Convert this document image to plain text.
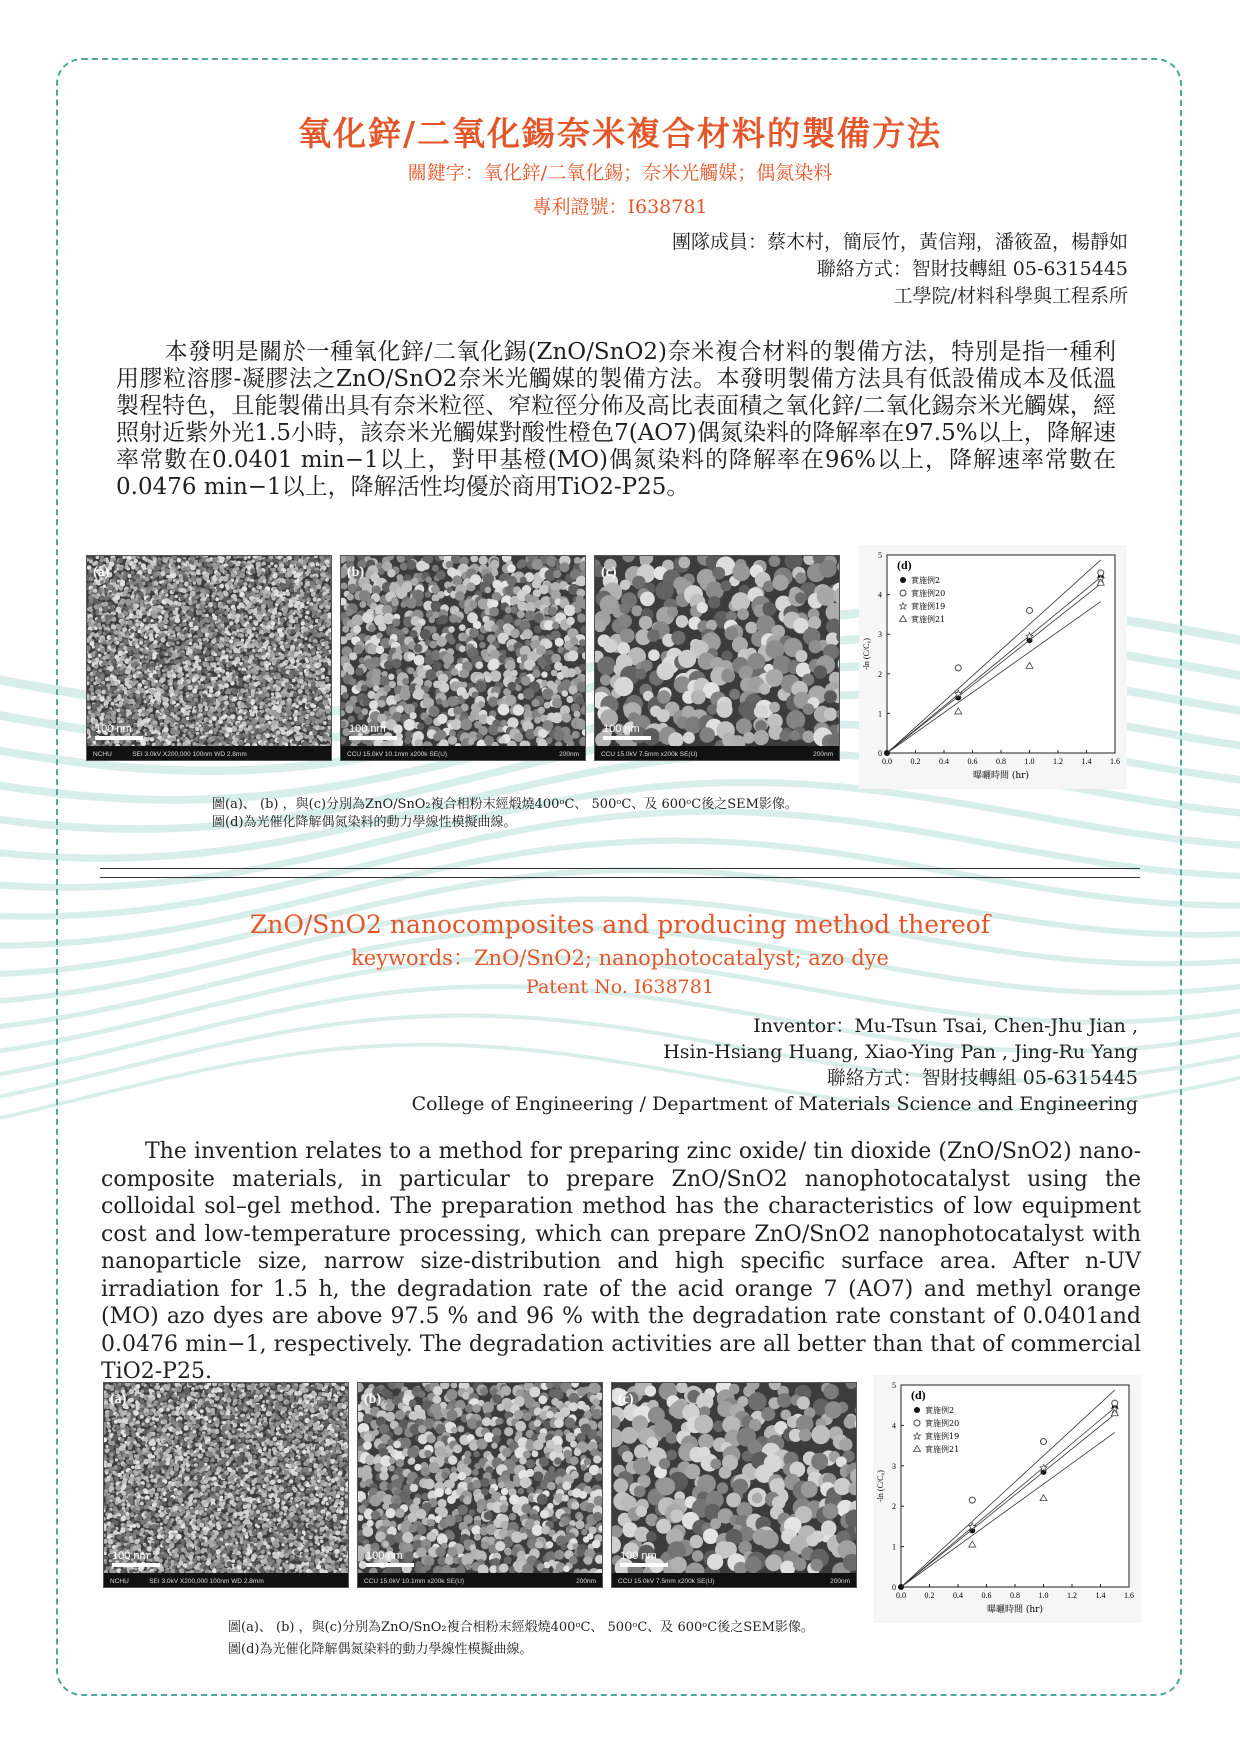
氧化鋅/二氧化錫奈米複合材料的製備方法
關鍵字：氧化鋅/二氧化錫；奈米光觸媒；偶氮染料
專利證號：I638781
團隊成員：蔡木村，簡辰竹，黃信翔，潘筱盈，楊靜如
聯絡方式：智財技轉組 05-6315445
工學院/材料科學與工程系所

本發明是關於一種氧化鋅/二氧化錫(ZnO/SnO2)奈米複合材料的製備方法，特別是指一種利用膠粒溶膠-凝膠法之ZnO/SnO2奈米光觸媒的製備方法。本發明製備方法具有低設備成本及低溫製程特色，且能製備出具有奈米粒徑、窄粒徑分佈及高比表面積之氧化鋅/二氧化錫奈米光觸媒，經照射近紫外光1.5小時，該奈米光觸媒對酸性橙色7(AO7)偶氮染料的降解率在97.5%以上，降解速率常數在0.0401 min−1以上，對甲基橙(MO)偶氮染料的降解率在96%以上，降解速率常數在0.0476 min−1以上，降解活性均優於商用TiO2-P25。

(a)
100 nm
NCHU	SEI 3.0kV X200,000 100nm WD 2.8mm
(b)
100 nm
CCU 15.0kV 10.1mm x200k SE(U)	200nm
(c)
100 nm
CCU 15.0kV 7.5mm x200k SE(U)	200nm
0.0 0.2 0.4 0.6 0.8 1.0 1.2 1.4 1.6
0
1
2
3
4
5
曝曬時間 (hr)
-ln (C/C₀)
(d)
實施例2
實施例20
實施例19
實施例21
圖(a)、 (b) ，與(c)分別為ZnO/SnO₂複合相粉末經煅燒400ᵒC、 500ᵒC、及 600ᵒC後之SEM影像。
圖(d)為光催化降解偶氮染料的動力學線性模擬曲線。
ZnO/SnO2 nanocomposites and producing method thereof
keywords：ZnO/SnO2; nanophotocatalyst; azo dye
Patent No. I638781
Inventor：Mu-Tsun Tsai, Chen-Jhu Jian ,
Hsin-Hsiang Huang, Xiao-Ying Pan , Jing-Ru Yang
聯絡方式：智財技轉組 05-6315445
College of Engineering / Department of Materials Science and Engineering

The invention relates to a method for preparing zinc oxide/ tin dioxide (ZnO/SnO2) nano­composite materials, in particular to prepare ZnO/SnO2 nanophotocatalyst using the colloidal sol–gel method. The preparation method has the characteristics of low equipment cost and low-temperature processing, which can prepare ZnO/SnO2 nanophotocatalyst with nanoparti­cle size, narrow size-distribution and high specific surface area. After n-UV irradiation for 1.5 h, the degradation rate of the acid orange 7 (AO7) and methyl orange (MO) azo dyes are above 97.5 % and 96 % with the degradation rate constant of 0.0401and 0.0476 min−1, respectively. The degradation activities are all better than that of commercial TiO2-P25.

(a)
100 nm
NCHU	SEI 3.0kV X200,000 100nm WD 2.8mm
(b)
100 nm
CCU 15.0kV 10.1mm x200k SE(U)	200nm
(c)
100 nm
CCU 15.0kV 7.5mm x200k SE(U)	200nm
0.0 0.2 0.4 0.6 0.8 1.0 1.2 1.4 1.6
0
1
2
3
4
5
曝曬時間 (hr)
-ln (C/C₀)
(d)
實施例2
實施例20
實施例19
實施例21
圖(a)、 (b) ，與(c)分別為ZnO/SnO₂複合相粉末經煅燒400ᵒC、 500ᵒC、及 600ᵒC後之SEM影像。
圖(d)為光催化降解偶氮染料的動力學線性模擬曲線。
